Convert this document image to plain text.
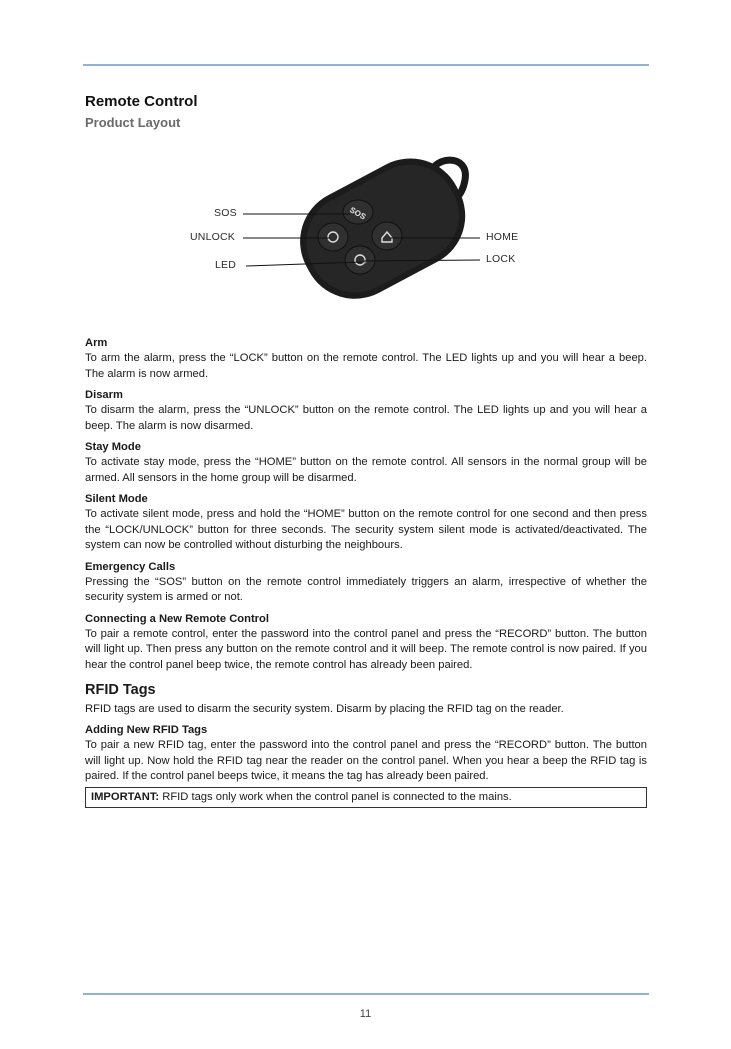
Remote Control
Product Layout
SOS
SOS
UNLOCK
LED
HOME
LOCK
Arm

To arm the alarm, press the “LOCK” button on the remote control. The LED lights up and you will hear a beep. The alarm is now armed.

Disarm

To disarm the alarm, press the “UNLOCK” button on the remote control. The LED lights up and you will hear a beep. The alarm is now disarmed.

Stay Mode

To activate stay mode, press the “HOME” button on the remote control. All sensors in the normal group will be armed. All sensors in the home group will be disarmed.

Silent Mode

To activate silent mode, press and hold the “HOME” button on the remote control for one second and then press the “LOCK/UNLOCK” button for three seconds. The security system silent mode is activated/deactivated. The system can now be controlled without disturbing the neighbours.

Emergency Calls

Pressing the “SOS” button on the remote control immediately triggers an alarm, irrespective of whether the security system is armed or not.

Connecting a New Remote Control

To pair a remote control, enter the password into the control panel and press the “RECORD” button. The button will light up. Then press any button on the remote control and it will beep. The remote control is now paired. If you hear the control panel beep twice, the remote control has already been paired.

RFID Tags

RFID tags are used to disarm the security system. Disarm by placing the RFID tag on the reader.

Adding New RFID Tags

To pair a new RFID tag, enter the password into the control panel and press the “RECORD” button. The button will light up. Now hold the RFID tag near the reader on the control panel. When you hear a beep the RFID tag is paired. If the control panel beeps twice, it means the tag has already been paired.

IMPORTANT: RFID tags only work when the control panel is connected to the mains.
11
